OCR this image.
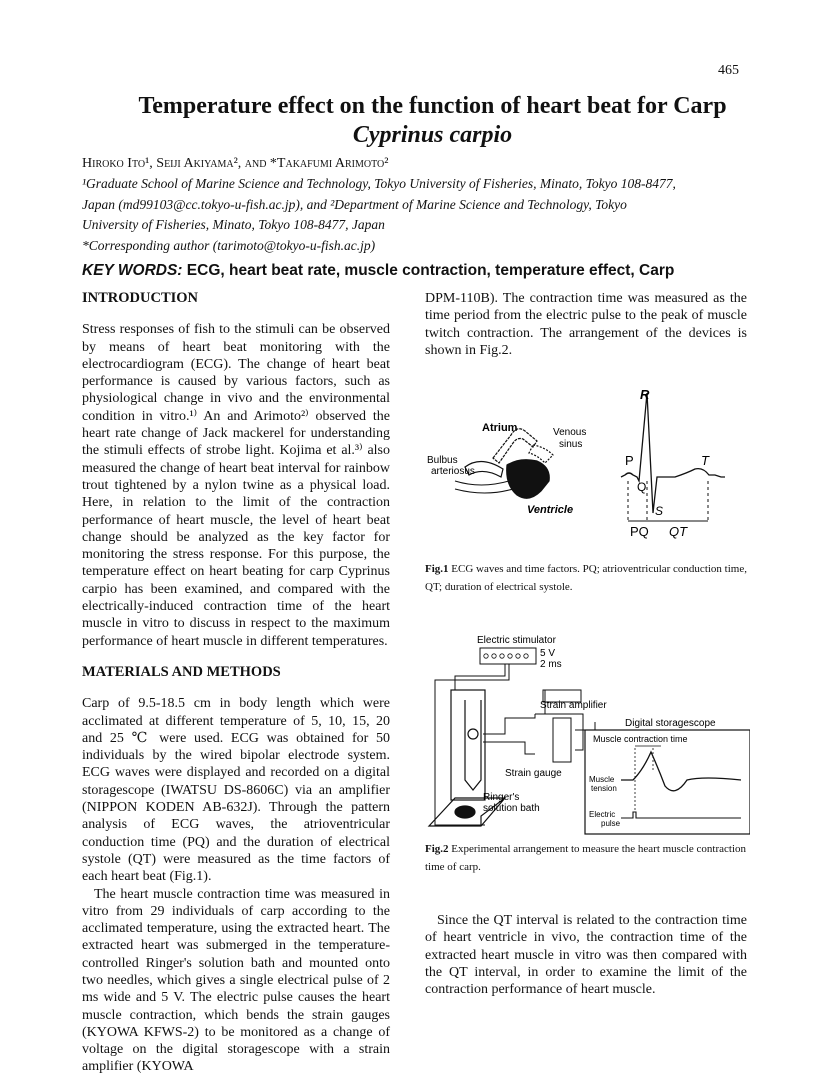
465
Temperature effect on the function of heart beat for Carp
Cyprinus carpio
Hiroko Ito¹, Seiji Akiyama², and *Takafumi Arimoto²
¹Graduate School of Marine Science and Technology, Tokyo University of Fisheries, Minato, Tokyo 108-8477,
Japan (md99103@cc.tokyo-u-fish.ac.jp), and ²Department of Marine Science and Technology, Tokyo
University of Fisheries, Minato, Tokyo 108-8477, Japan
*Corresponding author (tarimoto@tokyo-u-fish.ac.jp)
KEY WORDS: ECG, heart beat rate, muscle contraction, temperature effect, Carp
INTRODUCTION

Stress responses of fish to the stimuli can be observed by means of heart beat monitoring with the electrocardiogram (ECG). The change of heart beat performance is caused by various factors, such as physiological change in vivo and the environmental condition in vitro.¹⁾ An and Arimoto²⁾ observed the heart rate change of Jack mackerel for understanding the stimuli effects of strobe light. Kojima et al.³⁾ also measured the change of heart beat interval for rainbow trout tightened by a nylon twine as a physical load. Here, in relation to the limit of the contraction performance of heart muscle, the level of heart beat change should be analyzed as the key factor for monitoring the stress response. For this purpose, the temperature effect on heart beating for carp Cyprinus carpio has been examined, and compared with the electrically-induced contraction time of the heart muscle in vitro to discuss in respect to the maximum performance of heart muscle in different temperatures.

MATERIALS AND METHODS

Carp of 9.5-18.5 cm in body length which were acclimated at different temperature of 5, 10, 15, 20 and 25 ℃ were used. ECG was obtained for 50 individuals by the wired bipolar electrode system. ECG waves were displayed and recorded on a digital storagescope (IWATSU DS-8606C) via an amplifier (NIPPON KODEN AB-632J). Through the pattern analysis of ECG waves, the atrioventricular conduction time (PQ) and the duration of electrical systole (QT) were measured as the time factors of each heart beat (Fig.1).

The heart muscle contraction time was measured in vitro from 29 individuals of carp according to the acclimated temperature, using the extracted heart. The extracted heart was submerged in the temperature-controlled Ringer's solution bath and mounted onto two needles, which gives a single electrical pulse of 2 ms wide and 5 V. The electric pulse causes the heart muscle contraction, which bends the strain gauges (KYOWA KFWS-2) to be monitored as a change of voltage on the digital storagescope with a strain amplifier (KYOWA

DPM-110B). The contraction time was measured as the time period from the electric pulse to the peak of muscle twitch contraction. The arrangement of the devices is shown in Fig.2.

Atrium	Venous
sinus
Bulbus
arteriosus
Ventricle
R
P
Q
S
T
PQ QT
Fig.1 ECG waves and time factors. PQ; atrioventricular conduction time, QT; duration of electrical systole.
Electric stimulator
5 V
2 ms
Strain amplifier
Strain gauge
Ringer's
solution bath
Digital storagescope
Muscle contraction time
Muscle
tension
Electric
pulse
Fig.2 Experimental arrangement to measure the heart muscle contraction time of carp.

Since the QT interval is related to the contraction time of heart ventricle in vivo, the contraction time of the extracted heart muscle in vitro was then compared with the QT interval, in order to examine the limit of the contraction performance of heart muscle.
